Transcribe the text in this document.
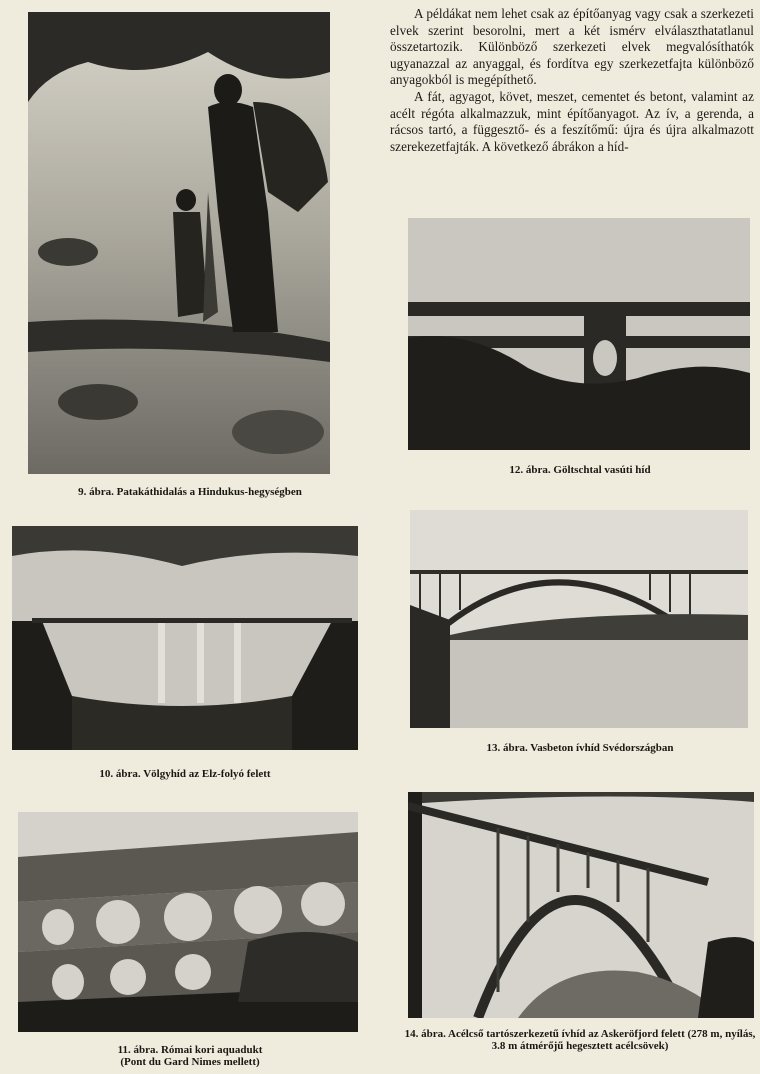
A példákat nem lehet csak az építőanyag vagy csak a szerkezeti elvek szerint besorolni, mert a két ismérv elválaszthatatlanul összetartozik. Különböző szerkezeti elvek megvalósíthatók ugyanazzal az anyaggal, és fordítva egy szerkezetfajta különböző anyagokból is megépíthető.

A fát, agyagot, követ, meszet, cementet és betont, valamint az acélt régóta alkalmazzuk, mint építőanyagot. Az ív, a gerenda, a rácsos tartó, a függesztő- és a feszítőmű: újra és újra alkalmazott szerekezetfajták. A következő ábrákon a híd-

9. ábra. Patakáthidalás a Hindukus-hegységben
10. ábra. Völgyhíd az Elz-folyó felett
11. ábra. Római kori aquadukt
(Pont du Gard Nimes mellett)
12. ábra. Göltschtal vasúti híd
13. ábra. Vasbeton ívhíd Svédországban
14. ábra. Acélcső tartószerkezetű ívhíd az Askeröfjord felett (278 m, nyílás, 3.8 m átmérőjű hegesztett acélcsövek)
